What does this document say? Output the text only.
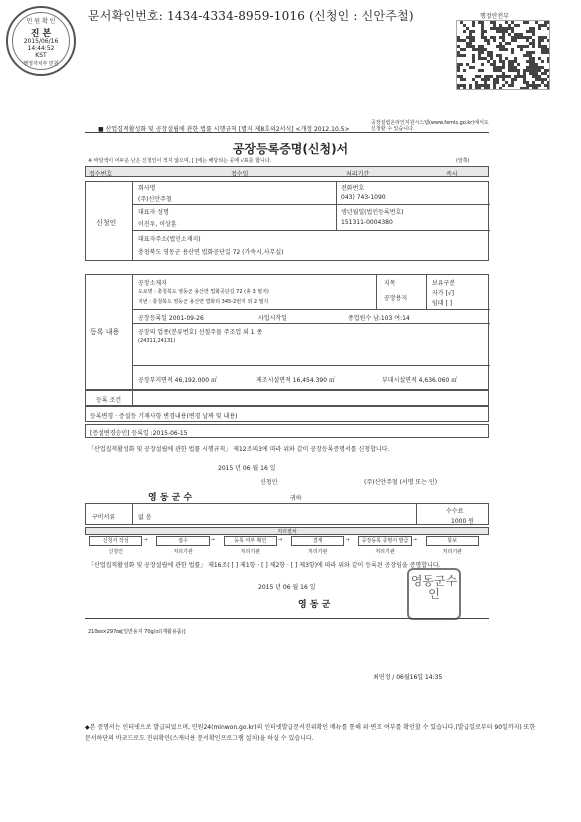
민 원 확 인
진 본
2015/06/16
14:44:52
KST
행정자치부 민원
문서확인번호: 1434-4334-8959-1016 (신청인 : 신안주철)	행정안전부
■ 산업집적활성화 및 공장설립에 관한 법률 시행규칙 [별지 제8호의2서식] <개정 2012.10.5>
공장설립온라인지원시스템(www.femis.go.kr)에서도 신청할 수 있습니다.
공장등록증명(신청)서
※ 바탕색이 어두운 난은 신청인이 적지 않으며, [ ]에는 해당되는 곳에 √표를 합니다.	(앞쪽)
접수번호	접수일	처리기간	즉시
신청인
회사명
(주)신안주철
전화번호
043) 743-1090
대표자 성명
이진우, 이상훈
생년월일(법인등록번호)
151311-0004380
대표자주소(법인소재지)
충청북도 영동군 용산면 법화공단길 72 (가속시,사무실)
등록 내용
공장소재지
도로명 : 충청북도 영동군 용산면 법화공단길 72 (총 3 필지)
지번 : 충청북도 영동군 용산면 법화리 345-2번지 외 2 필지
지목
공장용지
보유구분
자가 [√]
임대 [ ]
공장등록일 2001-09-26	사업시작일	종업원수 남:103 여:14
공장의 업종(분류번호) 선철주물 주조업 외 1 종
(24311,24131)
공장부지면적 46,192.000 ㎡	제조시설면적 16,454.390 ㎡	부대시설면적 4,636.060 ㎡
등록 조건
등록변경 · 증설등 기재사항 변경내용(변경 날짜 및 내용)
[증설변경승인] 등록일 :2015-06-15
「산업집적활성화 및 공장설립에 관한 법률 시행규칙」 제12조의3에 따라 위와 같이 공장등록증명서를 신청합니다.
2015 년 06 월 16 일
신청인	(주)신안주철 (서명 또는 인)
영 동 군 수	귀하
구비서류	없 음
수수료
1000 원
처리절차
신청서 작성
신청인
→	접수
처리기관
→	등록 여부 확인
처리기관
→	결재
처리기관
→	공장등록 증명서 발급
처리기관
→	통보
처리기관
「산업집적활성화 및 공장설립에 관한 법률」 제16조( [ ] 제1항 · [ ] 제2항 · [ ] 제3항)에 따라 위와 같이 등록된 공장임을 증명합니다.
2015 년 06 월 16 일
영 동 군
영동군수인
210㎜×297㎜[일반용지 70g/㎡(재활용품)]
최연정 / 06월16일 14:35
◆본 증명서는 인터넷으로 발급되었으며, 민원24(minwon.go.kr)의 인터넷발급문서진위확인 메뉴를 통해 위·변조 여부를 확인할 수 있습니다.(발급일로부터 90일까지) 또한 문서하단의 바코드로도 진위확인(스캐너용 문서확인프로그램 설치)을 하실 수 있습니다.
